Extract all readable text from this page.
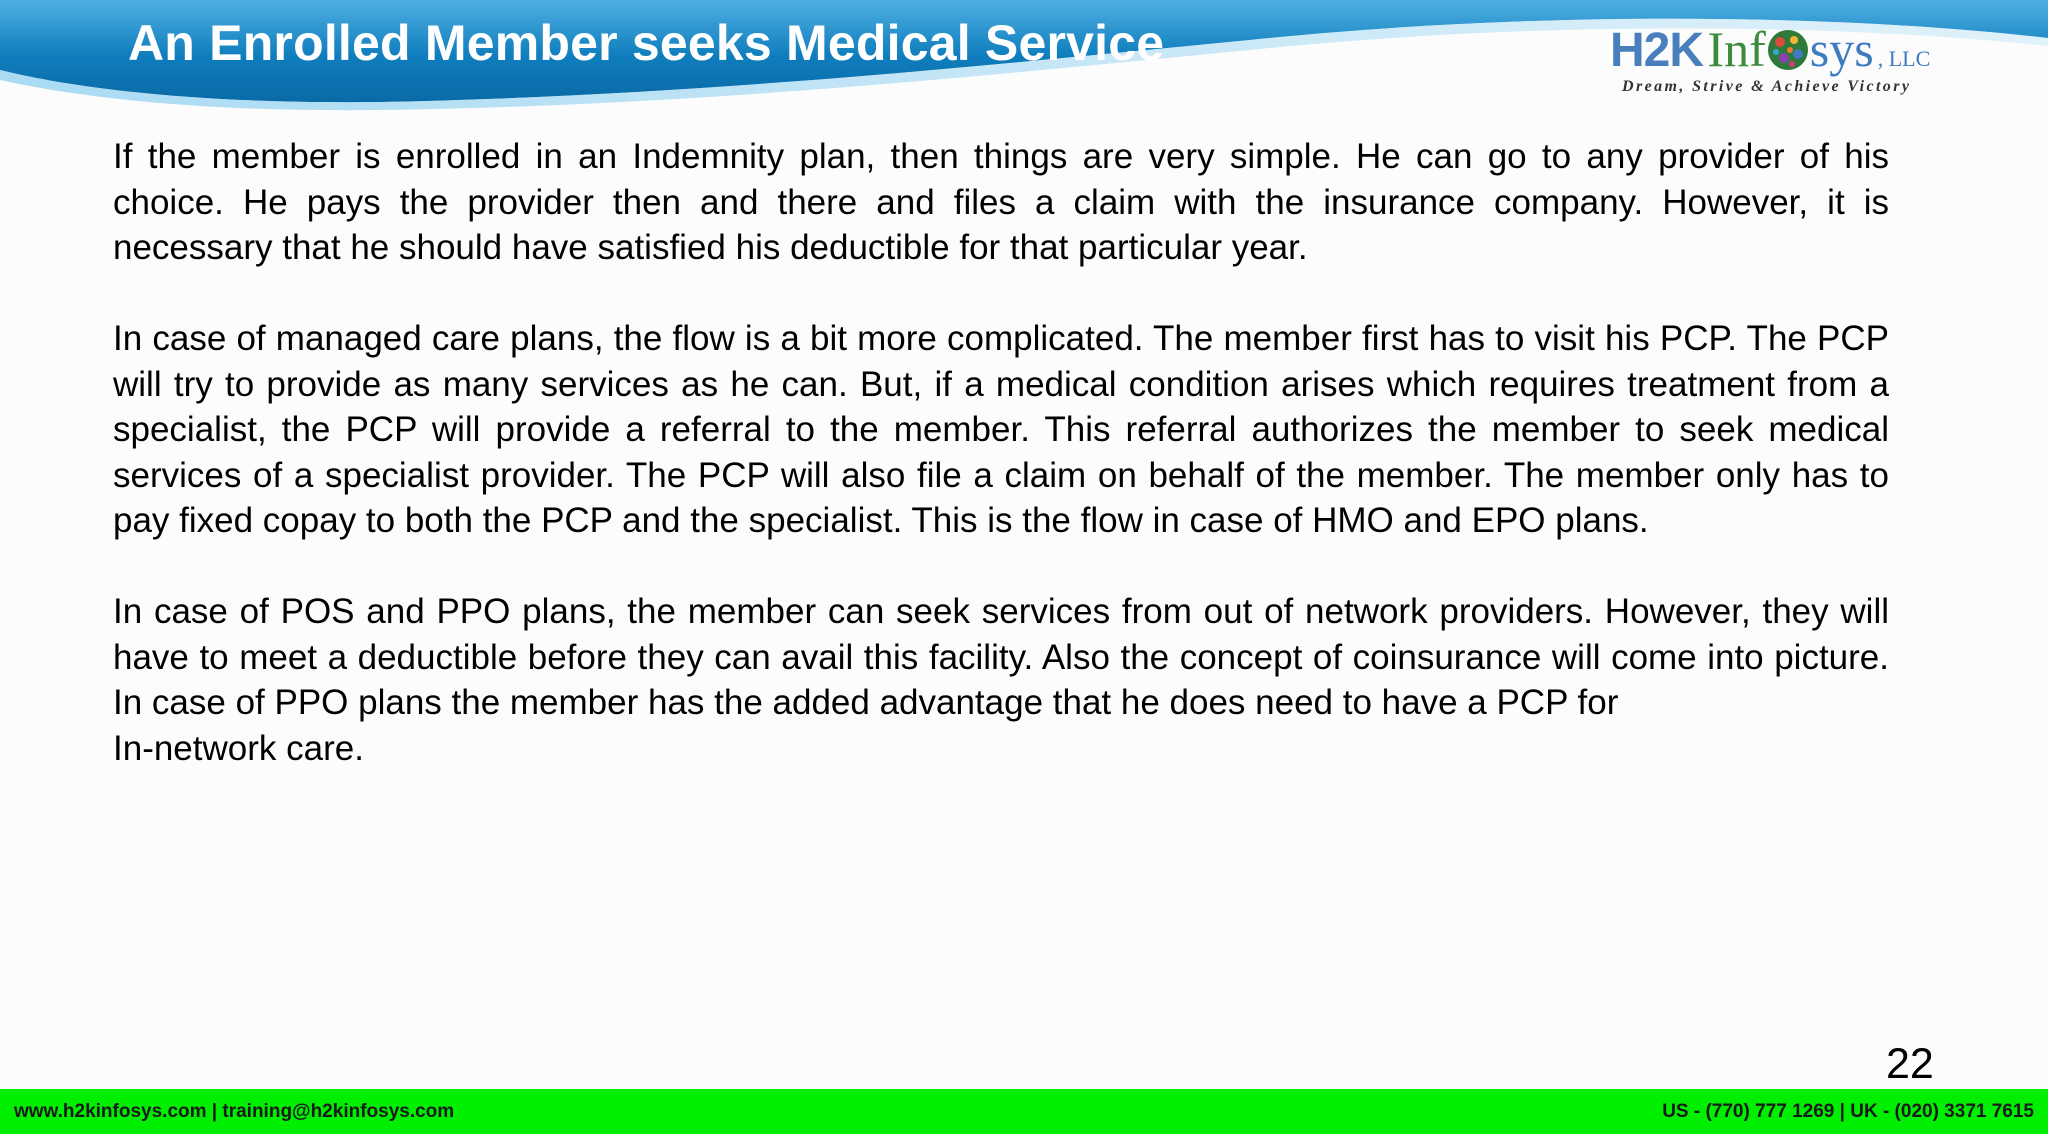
An Enrolled Member seeks Medical Service	H2K Inf sys , LLC
Dream, Strive & Achieve Victory

If the member is enrolled in an Indemnity plan, then things are very simple. He can go to any provider of his choice. He pays the provider then and there and files a claim with the insurance company. However, it is necessary that he should have satisfied his deductible for that particular year.

In case of managed care plans, the flow is a bit more complicated. The member first has to visit his PCP. The PCP will try to provide as many services as he can. But, if a medical condition arises which requires treatment from a specialist, the PCP will provide a referral to the member. This referral authorizes the member to seek medical services of a specialist provider. The PCP will also file a claim on behalf of the member. The member only has to pay fixed copay to both the PCP and the specialist. This is the flow in case of HMO and EPO plans.

In case of POS and PPO plans, the member can seek services from out of network providers. However, they will have to meet a deductible before they can avail this facility. Also the concept of coinsurance will come into picture. In case of PPO plans the member has the added advantage that he does need to have a PCP for

In-network care.

22
www.h2kinfosys.com | training@h2kinfosys.com	US - (770) 777 1269 | UK - (020) 3371 7615
